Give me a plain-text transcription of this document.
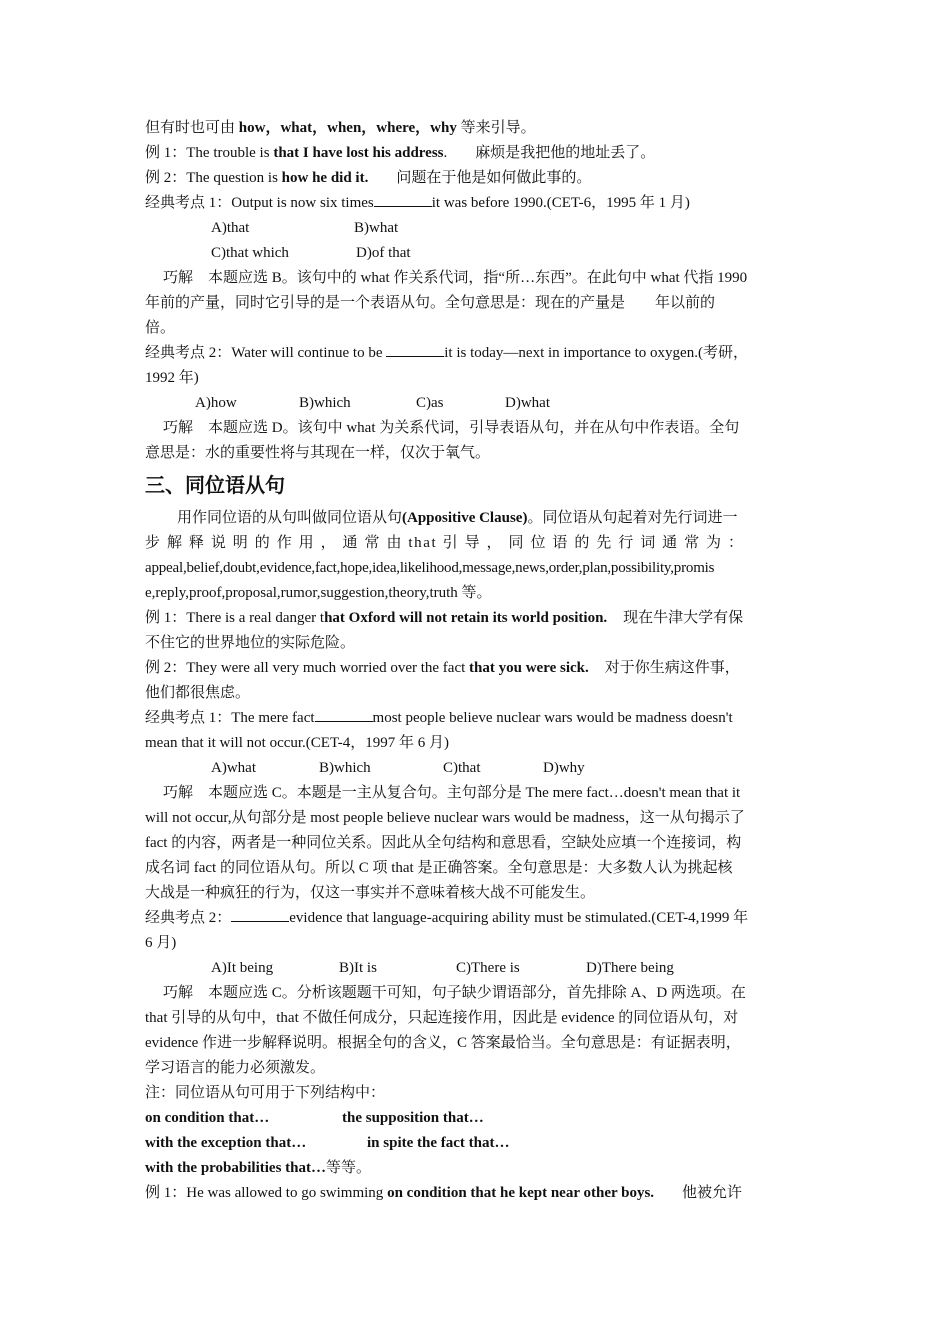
但有时也可由 how，what，when，where，why 等来引导。
例 1：The trouble is that I have lost his address. 麻烦是我把他的地址丢了。
例 2：The question is how he did it. 问题在于他是如何做此事的。
经典考点 1：Output is now six times	it was before 1990.(CET-6，1995 年 1 月)
A)that	B)what
C)that which	D)of that
巧解　本题应选 B。该句中的 what 作关系代词，指“所…东西”。在此句中 what 代指 1990
年前的产量，同时它引导的是一个表语从句。全句意思是：现在的产量是　　年以前的
倍。
经典考点 2：Water will continue to be	it is today—next in importance to oxygen.(考研，
1992 年)
A)how	B)which	C)as	D)what
巧解　本题应选 D。该句中 what 为关系代词，引导表语从句，并在从句中作表语。全句
意思是：水的重要性将与其现在一样，仅次于氧气。
三、同位语从句
用作同位语的从句叫做同位语从句(Appositive Clause)。同位语从句起着对先行词进一
步 解 释 说 明 的 作 用 ， 通 常 由 that 引 导 ， 同 位 语 的 先 行 词 通 常 为 ：
appeal,belief,doubt,evidence,fact,hope,idea,likelihood,message,news,order,plan,possibility,promis
e,reply,proof,proposal,rumor,suggestion,theory,truth 等。
例 1：There is a real danger that Oxford will not retain its world position. 现在牛津大学有保
不住它的世界地位的实际危险。
例 2：They were all very much worried over the fact that you were sick. 对于你生病这件事，
他们都很焦虑。
经典考点 1：The mere fact	most people believe nuclear wars would be madness doesn't
mean that it will not occur.(CET-4，1997 年 6 月)
A)what	B)which	C)that	D)why
巧解　本题应选 C。本题是一主从复合句。主句部分是 The mere fact…doesn't mean that it
will not occur,从句部分是 most people believe nuclear wars would be madness，这一从句揭示了
fact 的内容，两者是一种同位关系。因此从全句结构和意思看，空缺处应填一个连接词，构
成名词 fact 的同位语从句。所以 C 项 that 是正确答案。全句意思是：大多数人认为挑起核
大战是一种疯狂的行为，仅这一事实并不意味着核大战不可能发生。
经典考点 2：	evidence that language-acquiring ability must be stimulated.(CET-4,1999 年
6 月)
A)It being	B)It is	C)There is	D)There being
巧解　本题应选 C。分析该题题干可知，句子缺少谓语部分，首先排除 A、D 两选项。在
that 引导的从句中，that 不做任何成分，只起连接作用，因此是 evidence 的同位语从句，对
evidence 作进一步解释说明。根据全句的含义，C 答案最恰当。全句意思是：有证据表明，
学习语言的能力必须激发。
注：同位语从句可用于下列结构中：
on condition that…	the supposition that…
with the exception that…	in spite the fact that…
with the probabilities that…等等。
例 1：He was allowed to go swimming on condition that he kept near other boys. 他被允许
